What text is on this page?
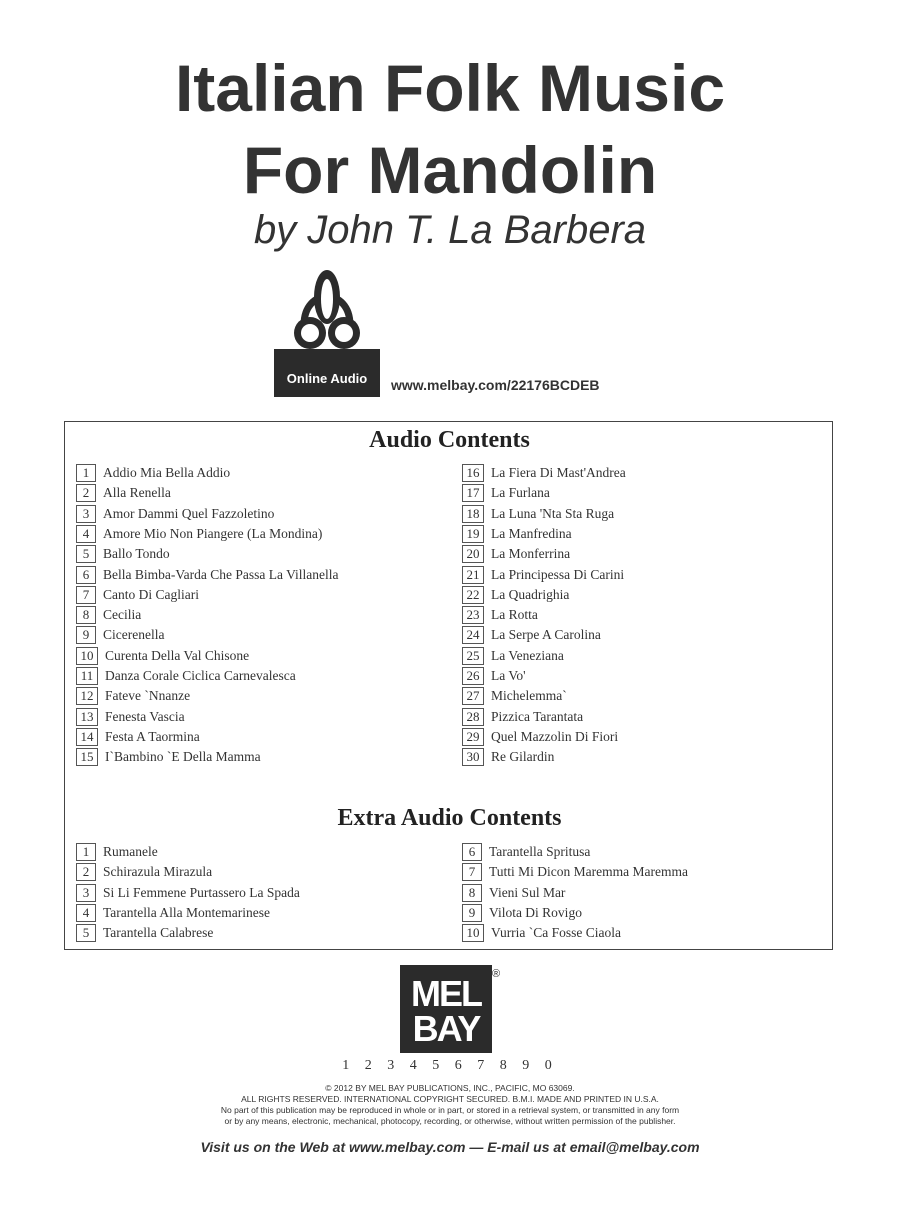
Italian Folk Music
For Mandolin
by John T. La Barbera
Online Audio	www.melbay.com/22176BCDEB
Audio Contents
1 Addio Mia Bella Addio
2 Alla Renella
3 Amor Dammi Quel Fazzoletino
4 Amore Mio Non Piangere (La Mondina)
5 Ballo Tondo
6 Bella Bimba-Varda Che Passa La Villanella
7 Canto Di Cagliari
8 Cecilia
9 Cicerenella
10 Curenta Della Val Chisone
11 Danza Corale Ciclica Carnevalesca
12 Fateve `Nnanze
13 Fenesta Vascia
14 Festa A Taormina
15 I`Bambino `E Della Mamma
16 La Fiera Di Mast'Andrea
17 La Furlana
18 La Luna 'Nta Sta Ruga
19 La Manfredina
20 La Monferrina
21 La Principessa Di Carini
22 La Quadrighia
23 La Rotta
24 La Serpe A Carolina
25 La Veneziana
26 La Vo'
27 Michelemma`
28 Pizzica Tarantata
29 Quel Mazzolin Di Fiori
30 Re Gilardin
Extra Audio Contents
1 Rumanele
2 Schirazula Mirazula
3 Si Li Femmene Purtassero La Spada
4 Tarantella Alla Montemarinese
5 Tarantella Calabrese
6 Tarantella Spritusa
7 Tutti Mi Dicon Maremma Maremma
8 Vieni Sul Mar
9 Vilota Di Rovigo
10 Vurria `Ca Fosse Ciaola
MEL
BAY
®
1 2 3 4 5 6 7 8 9 0
© 2012 BY MEL BAY PUBLICATIONS, INC., PACIFIC, MO 63069.
ALL RIGHTS RESERVED. INTERNATIONAL COPYRIGHT SECURED. B.M.I. MADE AND PRINTED IN U.S.A.
No part of this publication may be reproduced in whole or in part, or stored in a retrieval system, or transmitted in any form
or by any means, electronic, mechanical, photocopy, recording, or otherwise, without written permission of the publisher.
Visit us on the Web at www.melbay.com — E-mail us at email@melbay.com
